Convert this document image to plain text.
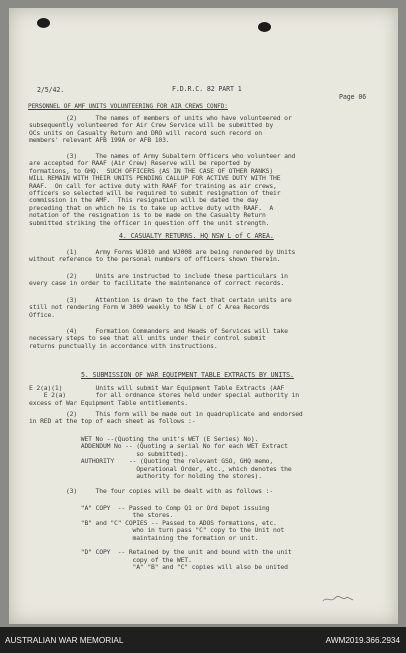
2/5/42.	F.D.R.C. 82 PART 1
Page 06
PERSONNEL OF AMF UNITS VOLUNTEERING FOR AIR CREWS CONFD:
(2)     The names of members of units who have volunteered or
subsequently volunteered for Air Crew Service will be submitted by
OCs units on Casualty Return and DRO will record such record on
members' relevant AFB 199A or AFB 103.
(3)     The names of Army Subaltern Officers who volunteer and
are accepted for RAAF (Air Crew) Reserve will be reported by
formations, to GHQ.  SUCH OFFICERS (AS IN THE CASE OF OTHER RANKS)
WILL REMAIN WITH THEIR UNITS PENDING CALLUP FOR ACTIVE DUTY WITH THE
RAAF.  On call for active duty with RAAF for training as air crews,
officers so selected will be required to submit resignation of their
commission in the AMF.  This resignation will be dated the day
preceding that on which he is to take up active duty with RAAF.  A
notation of the resignation is to be made on the Casualty Return
submitted striking the officer in question off the unit strength.
4. CASUALTY RETURNS. HQ NSW L of C AREA.
(1)     Army Forms WJ010 and WJ008 are being rendered by Units
without reference to the personal numbers of officers shown therein.
(2)     Units are instructed to include these particulars in
every case in order to facilitate the maintenance of correct records.
(3)     Attention is drawn to the fact that certain units are
still not rendering Form W 3009 weekly to NSW L of C Area Records
Office.
(4)     Formation Commanders and Heads of Services will take
necessary steps to see that all units under their control submit
returns punctually in accordance with instructions.
5. SUBMISSION OF WAR EQUIPMENT TABLE EXTRACTS BY UNITS.
E 2(a)(1)         Units will submit War Equipment Table Extracts (AAF
E 2(a)        for all ordnance stores held under special authority in
excess of War Equipment Table entitlements.
(2)     This form will be made out in quadruplicate and endorsed
in RED at the top of each sheet as follows :-
WET No --(Quoting the unit's WET (E Series) No).
ADDENDUM No -- (Quoting a serial No for each WET Extract
so submitted).
AUTHORITY    -- (Quoting the relevant GSO, GHQ memo,
Operational Order, etc., which denotes the
authority for holding the stores).
(3)     The four copies will be dealt with as follows :-
"A" COPY  -- Passed to Comp Q1 or Ord Depot issuing
the stores.
"B" and "C" COPIES -- Passed to ADOS formations, etc.
who in turn pass "C" copy to the Unit not
maintaining the formation or unit.

"D" COPY  -- Retained by the unit and bound with the unit
copy of the WET.
"A" "B" and "C" copies will also be united
AUSTRALIAN WAR MEMORIAL	AWM2019.366.2934
